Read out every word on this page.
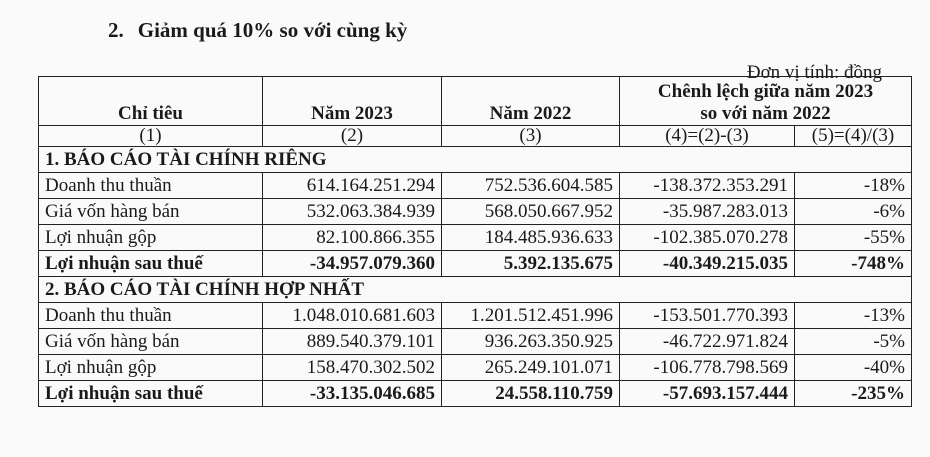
2. Giảm quá 10% so với cùng kỳ
Đơn vị tính: đồng
Chỉ tiêu	Năm 2023	Năm 2022	Chênh lệch giữa năm 2023
so với năm 2022	

(1)	(2)	(3)	(4)=(2)-(3)	(5)=(4)/(3)
1. BÁO CÁO TÀI CHÍNH RIÊNG				
Doanh thu thuần	614.164.251.294	752.536.604.585	-138.372.353.291	-18%
Giá vốn hàng bán	532.063.384.939	568.050.667.952	-35.987.283.013	-6%
Lợi nhuận gộp	82.100.866.355	184.485.936.633	-102.385.070.278	-55%
Lợi nhuận sau thuế	-34.957.079.360	5.392.135.675	-40.349.215.035	-748%
2. BÁO CÁO TÀI CHÍNH HỢP NHẤT				
Doanh thu thuần	1.048.010.681.603	1.201.512.451.996	-153.501.770.393	-13%
Giá vốn hàng bán	889.540.379.101	936.263.350.925	-46.722.971.824	-5%
Lợi nhuận gộp	158.470.302.502	265.249.101.071	-106.778.798.569	-40%
Lợi nhuận sau thuế	-33.135.046.685	24.558.110.759	-57.693.157.444	-235%
